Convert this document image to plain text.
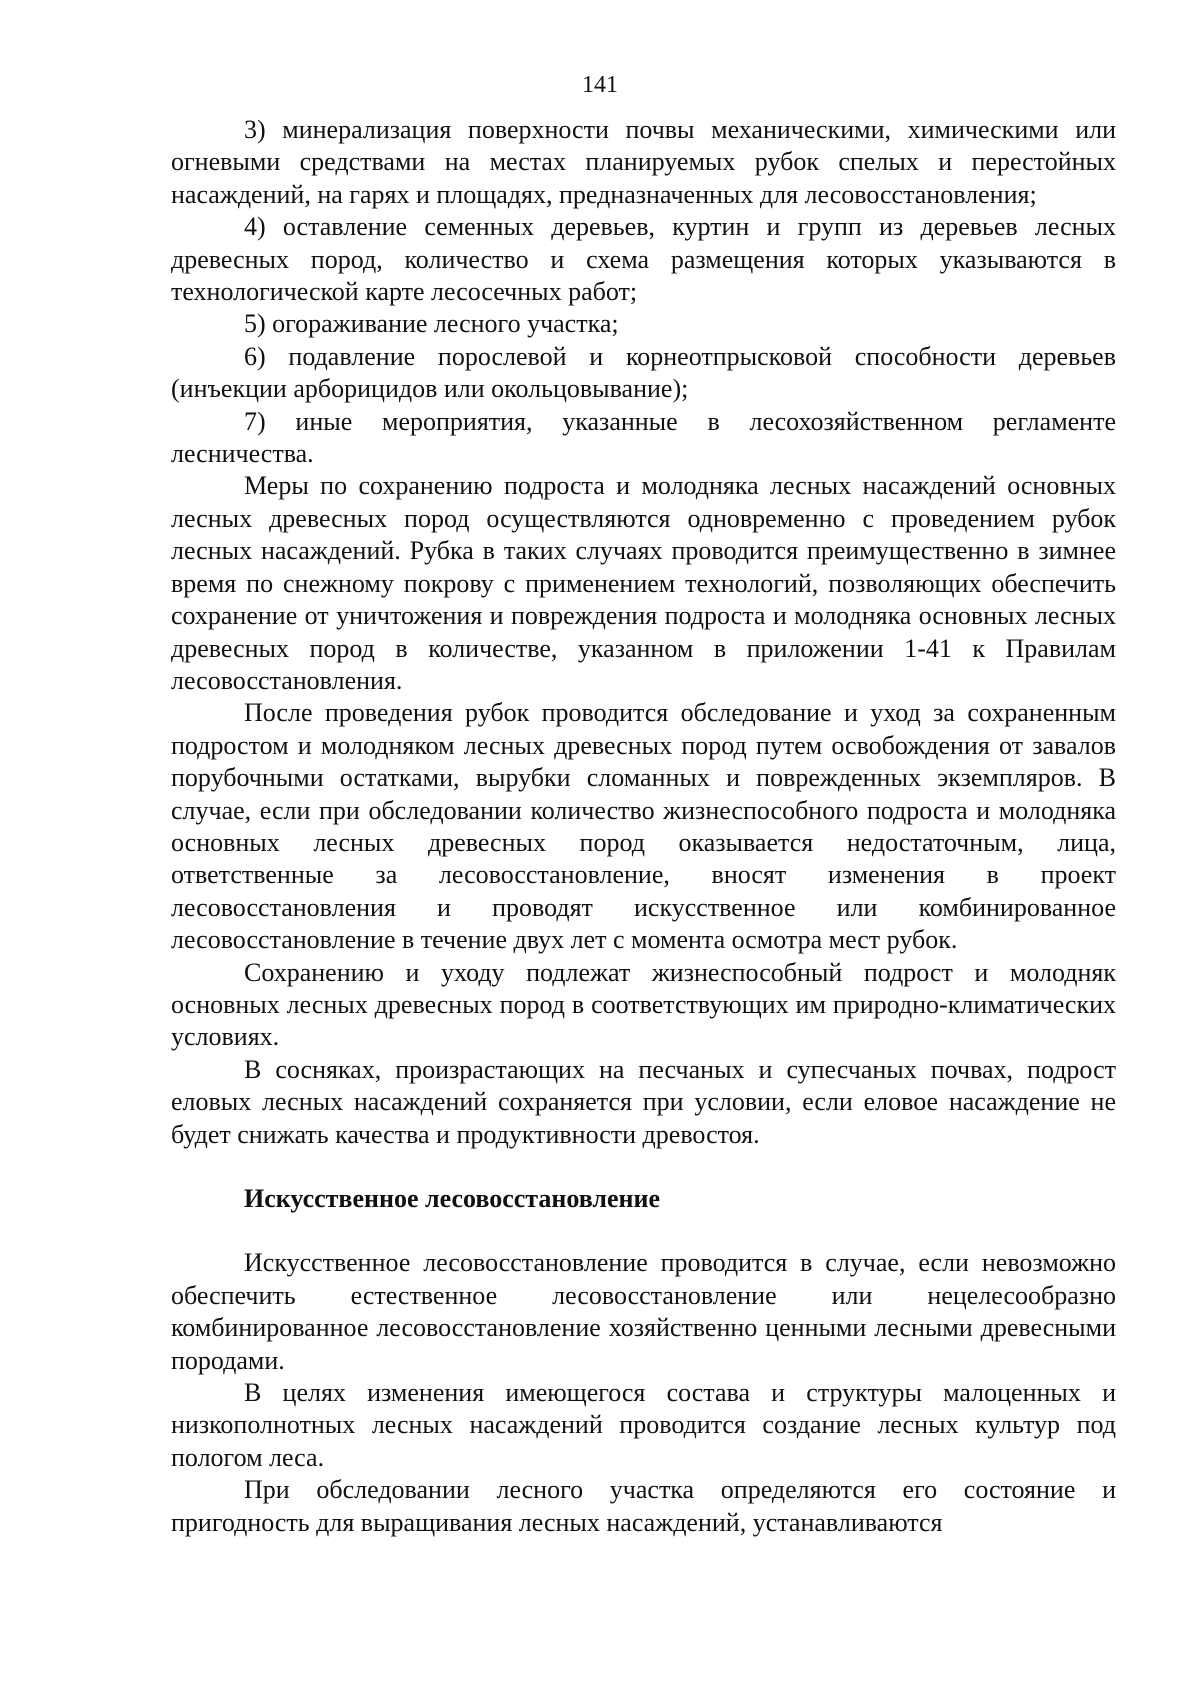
141

3) минерализация поверхности почвы механическими, химическими или огневыми средствами на местах планируемых рубок спелых и перестойных насаждений, на гарях и площадях, предназначенных для лесовосстановления;

4) оставление семенных деревьев, куртин и групп из деревьев лесных древесных пород, количество и схема размещения которых указываются в технологической карте лесосечных работ;

5) огораживание лесного участка;

6) подавление порослевой и корнеотпрысковой способности деревьев (инъекции арборицидов или окольцовывание);

7) иные мероприятия, указанные в лесохозяйственном регламенте лесничества.

Меры по сохранению подроста и молодняка лесных насаждений основных лесных древесных пород осуществляются одновременно с проведением рубок лесных насаждений. Рубка в таких случаях проводится преимущественно в зимнее время по снежному покрову с применением технологий, позволяющих обеспечить сохранение от уничтожения и повреждения подроста и молодняка основных лесных древесных пород в количестве, указанном в приложении 1-41 к Правилам лесовосстановления.

После проведения рубок проводится обследование и уход за сохраненным подростом и молодняком лесных древесных пород путем освобождения от завалов порубочными остатками, вырубки сломанных и поврежденных экземпляров. В случае, если при обследовании количество жизнеспособного подроста и молодняка основных лесных древесных пород оказывается недостаточным, лица, ответственные за лесовосстановление, вносят изменения в проект лесовосстановления и проводят искусственное или комбинированное лесовосстановление в течение двух лет с момента осмотра мест рубок.

Сохранению и уходу подлежат жизнеспособный подрост и молодняк основных лесных древесных пород в соответствующих им природно-климатических условиях.

В сосняках, произрастающих на песчаных и супесчаных почвах, подрост еловых лесных насаждений сохраняется при условии, если еловое насаждение не будет снижать качества и продуктивности древостоя.

Искусственное лесовосстановление

Искусственное лесовосстановление проводится в случае, если невозможно обеспечить естественное лесовосстановление или нецелесообразно комбинированное лесовосстановление хозяйственно ценными лесными древесными породами.

В целях изменения имеющегося состава и структуры малоценных и низкополнотных лесных насаждений проводится создание лесных культур под пологом леса.

При обследовании лесного участка определяются его состояние и пригодность для выращивания лесных насаждений, устанавливаются
